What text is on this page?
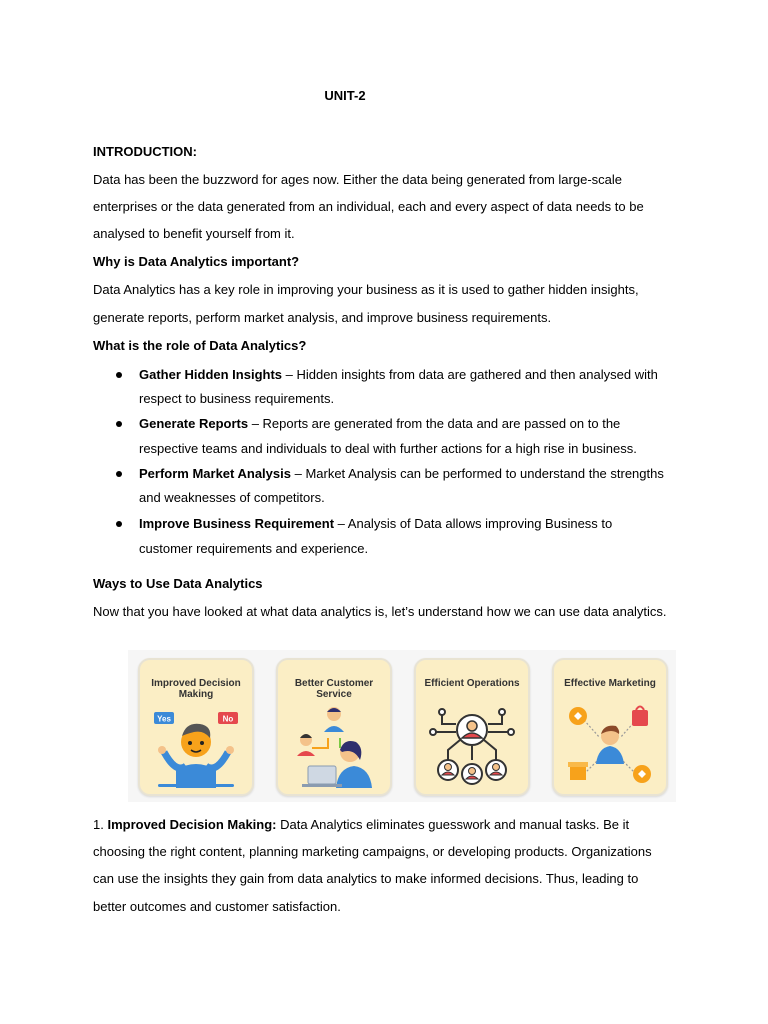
UNIT-2
INTRODUCTION:
Data has been the buzzword for ages now. Either the data being generated from large-scale
enterprises or the data generated from an individual, each and every aspect of data needs to be
analysed to benefit yourself from it.
Why is Data Analytics important?
Data Analytics has a key role in improving your business as it is used to gather hidden insights,
generate reports, perform market analysis, and improve business requirements.
What is the role of Data Analytics?
Gather Hidden Insights – Hidden insights from data are gathered and then analysed with
respect to business requirements.
Generate Reports – Reports are generated from the data and are passed on to the
respective teams and individuals to deal with further actions for a high rise in business.
Perform Market Analysis – Market Analysis can be performed to understand the strengths
and weaknesses of competitors.
Improve Business Requirement – Analysis of Data allows improving Business to
customer requirements and experience.
Ways to Use Data Analytics
Now that you have looked at what data analytics is, let’s understand how we can use data analytics.
Improved Decision Making
Yes	No
Better Customer Service
Efficient Operations	Effective Marketing
1. Improved Decision Making: Data Analytics eliminates guesswork and manual tasks. Be it
choosing the right content, planning marketing campaigns, or developing products. Organizations
can use the insights they gain from data analytics to make informed decisions. Thus, leading to
better outcomes and customer satisfaction.
